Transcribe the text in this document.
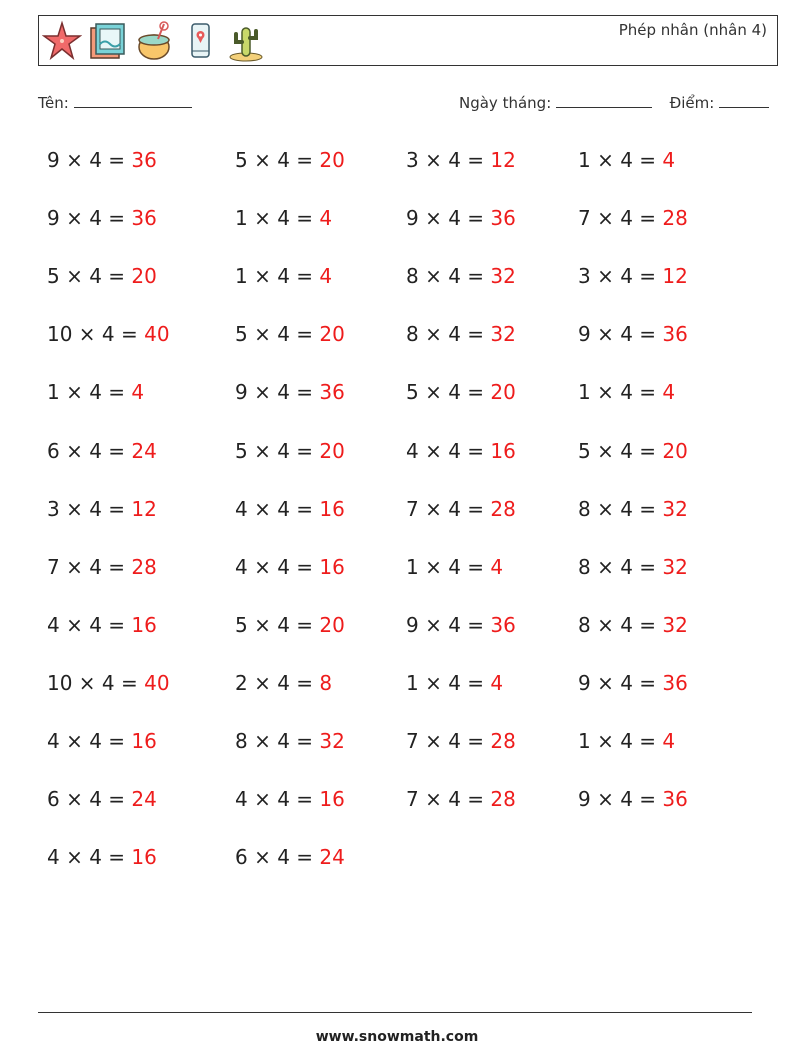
Phép nhân (nhân 4)
Tên:	Ngày tháng:	Điểm:
9 × 4 = 36	5 × 4 = 20	3 × 4 = 12	1 × 4 = 4
9 × 4 = 36	1 × 4 = 4	9 × 4 = 36	7 × 4 = 28
5 × 4 = 20	1 × 4 = 4	8 × 4 = 32	3 × 4 = 12
10 × 4 = 40	5 × 4 = 20	8 × 4 = 32	9 × 4 = 36
1 × 4 = 4	9 × 4 = 36	5 × 4 = 20	1 × 4 = 4
6 × 4 = 24	5 × 4 = 20	4 × 4 = 16	5 × 4 = 20
3 × 4 = 12	4 × 4 = 16	7 × 4 = 28	8 × 4 = 32
7 × 4 = 28	4 × 4 = 16	1 × 4 = 4	8 × 4 = 32
4 × 4 = 16	5 × 4 = 20	9 × 4 = 36	8 × 4 = 32
10 × 4 = 40	2 × 4 = 8	1 × 4 = 4	9 × 4 = 36
4 × 4 = 16	8 × 4 = 32	7 × 4 = 28	1 × 4 = 4
6 × 4 = 24	4 × 4 = 16	7 × 4 = 28	9 × 4 = 36
4 × 4 = 16	6 × 4 = 24
www.snowmath.com
